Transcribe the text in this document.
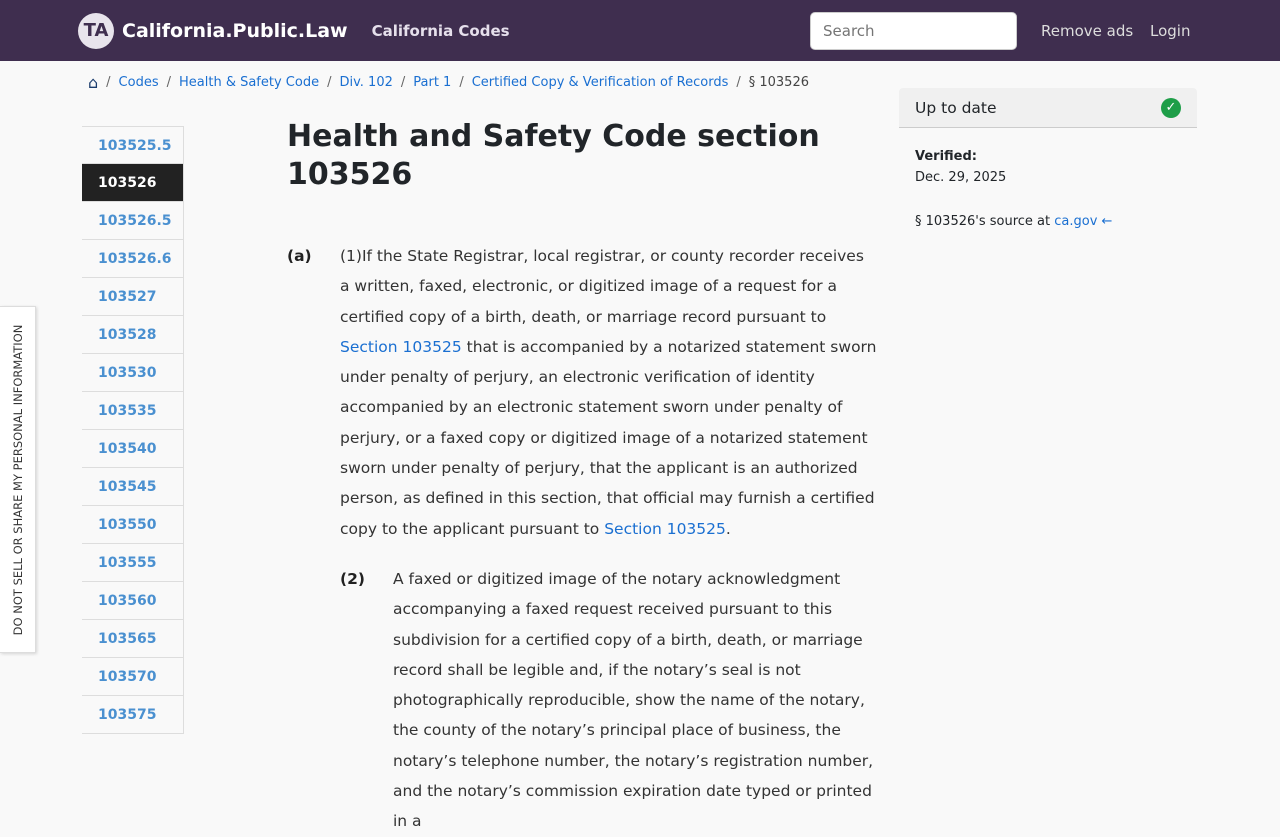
TA California.Public.Law California Codes
Search	Remove ads Login
⌂ / Codes / Health & Safety Code / Div. 102 / Part 1 / Certified Copy & Verification of Records / § 103526
103525.5
103526
103526.5
103526.6
103527
103528
103530
103535
103540
103545
103550
103555
103560
103565
103570
103575
Health and Safety Code section 103526
(a)	(1)If the State Registrar, local registrar, or county recorder receives a written, faxed, electronic, or digitized image of a request for a certified copy of a birth, death, or marriage record pursuant to Section 103525 that is accompanied by a notarized statement sworn under penalty of perjury, an electronic verification of identity accompanied by an electronic statement sworn under penalty of perjury, or a faxed copy or digitized image of a notarized statement sworn under penalty of perjury, that the applicant is an authorized person, as defined in this section, that official may furnish a certified copy to the applicant pursuant to Section 103525.
(2)	A faxed or digitized image of the notary acknowledgment accompanying a faxed request received pursuant to this subdivision for a certified copy of a birth, death, or marriage record shall be legible and, if the notary’s seal is not photographically reproducible, show the name of the notary, the county of the notary’s principal place of business, the notary’s telephone number, the notary’s registration number, and the notary’s commission expiration date typed or printed in a
Up to date	✓
Verified:
Dec. 29, 2025
§ 103526's source at ca.gov ←
DO NOT SELL OR SHARE MY PERSONAL INFORMATION
